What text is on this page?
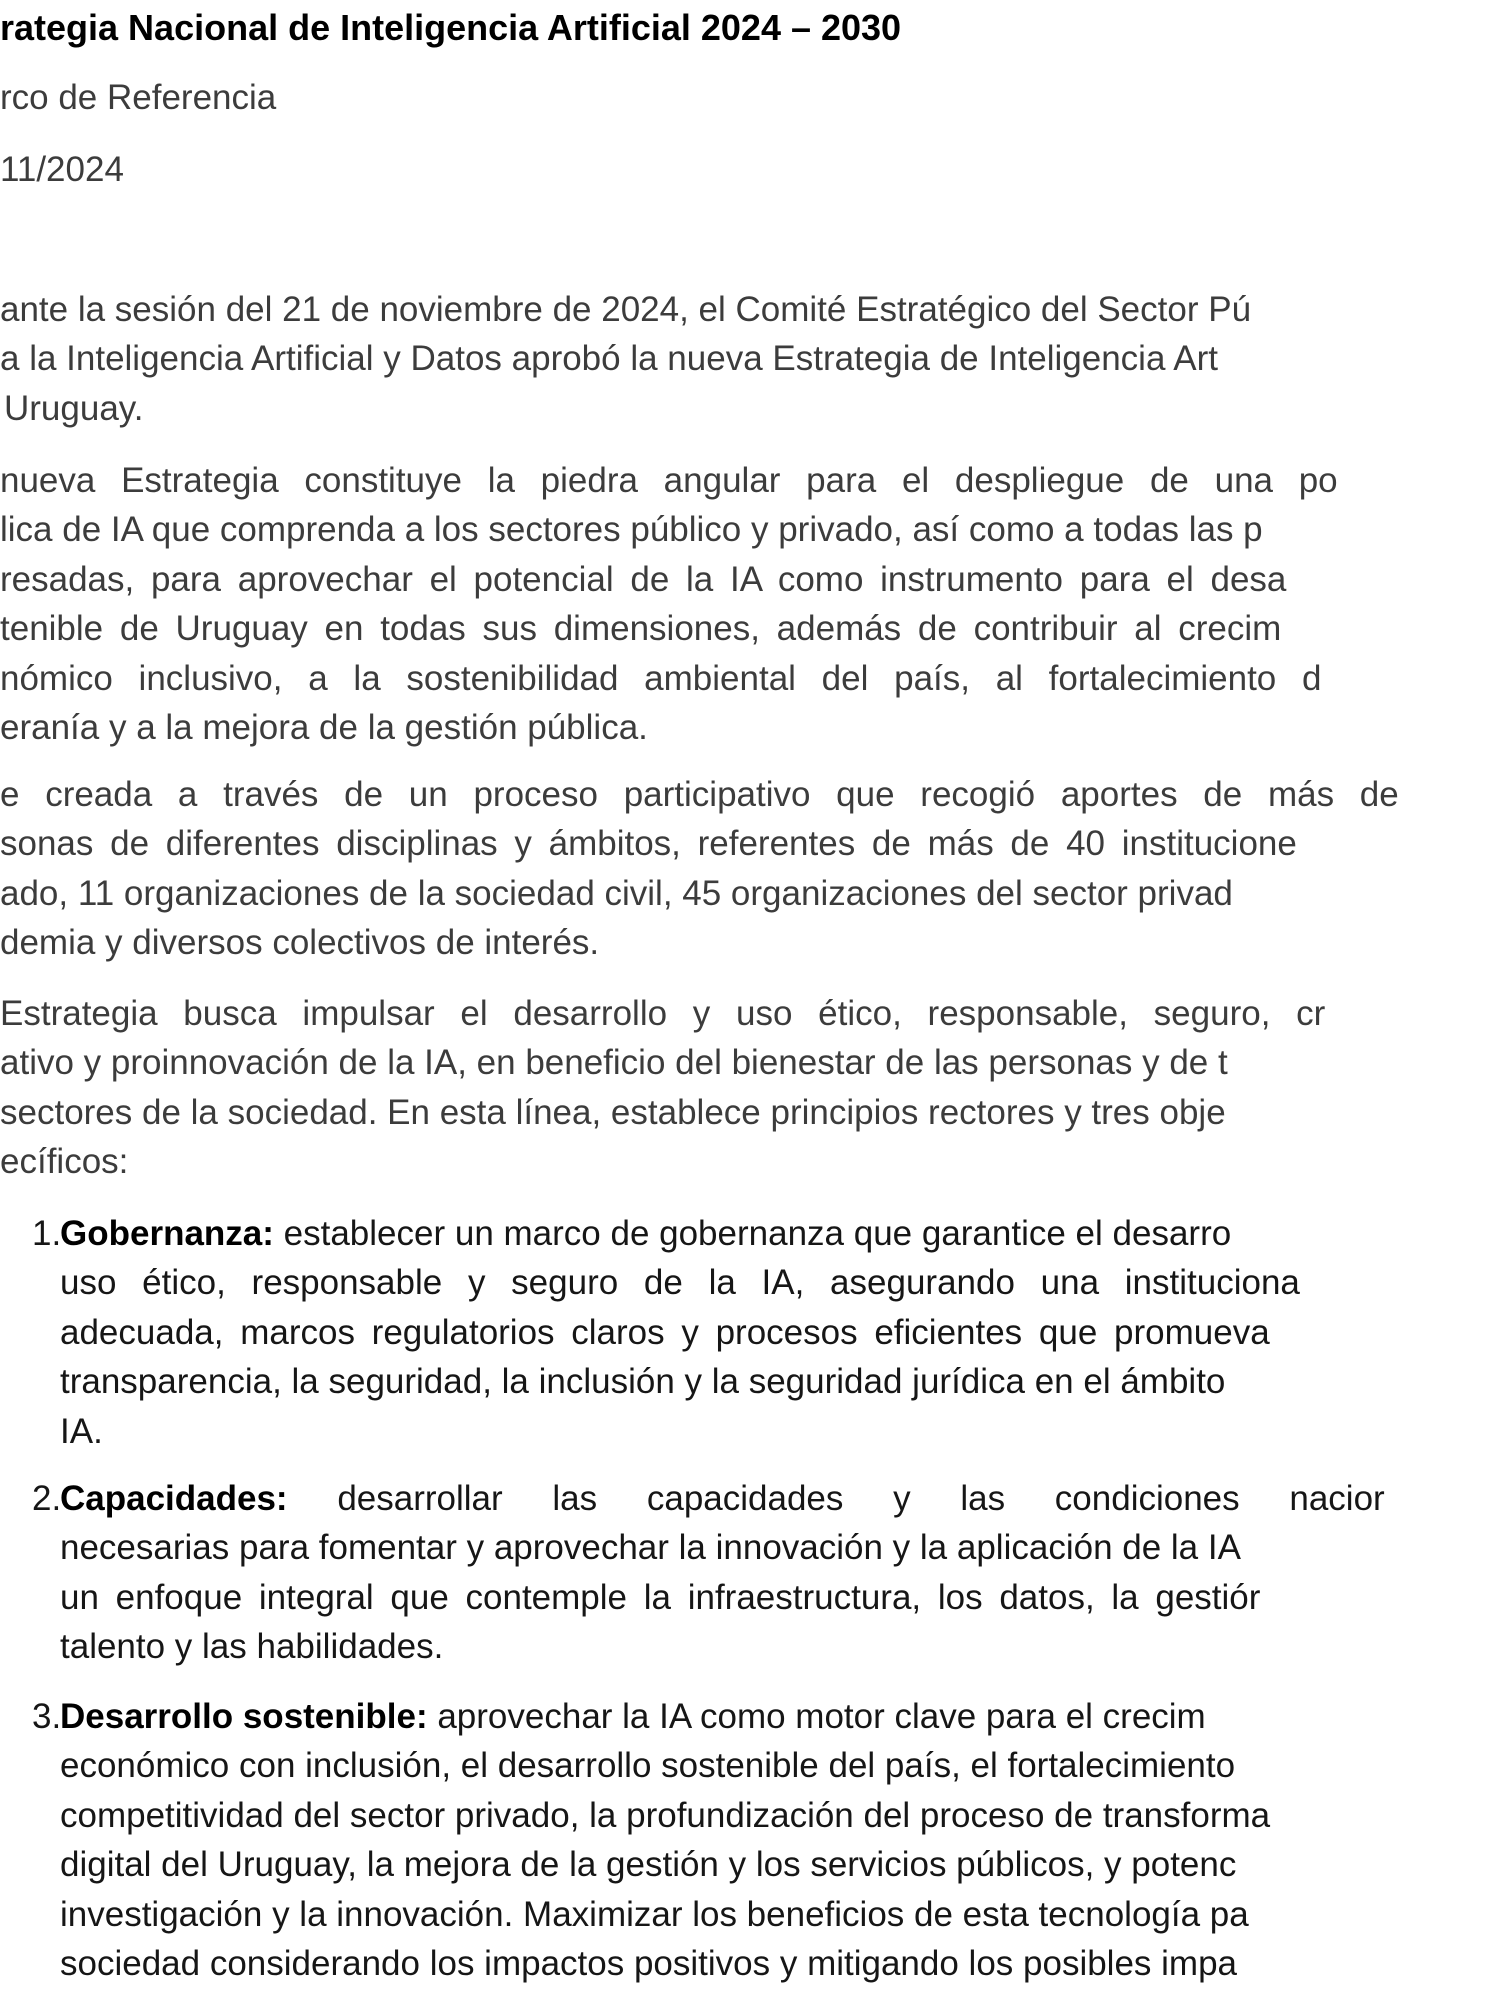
rategia Nacional de Inteligencia Artificial 2024 – 2030
rco de Referencia
11/2024
ante la sesión del 21 de noviembre de 2024, el Comité Estratégico del Sector Pú
a la Inteligencia Artificial y Datos aprobó la nueva Estrategia de Inteligencia Art
Uruguay.
nueva Estrategia constituye la piedra angular para el despliegue de una po
lica de IA que comprenda a los sectores público y privado, así como a todas las p
resadas, para aprovechar el potencial de la IA como instrumento para el desa
tenible de Uruguay en todas sus dimensiones, además de contribuir al crecim
nómico inclusivo, a la sostenibilidad ambiental del país, al fortalecimiento d
eranía y a la mejora de la gestión pública.
e creada a través de un proceso participativo que recogió aportes de más de
sonas de diferentes disciplinas y ámbitos, referentes de más de 40 institucione
ado, 11 organizaciones de la sociedad civil, 45 organizaciones del sector privad
demia y diversos colectivos de interés.
Estrategia busca impulsar el desarrollo y uso ético, responsable, seguro, cr
ativo y proinnovación de la IA, en beneficio del bienestar de las personas y de t
sectores de la sociedad. En esta línea, establece principios rectores y tres obje
ecíficos:
1.
Gobernanza: establecer un marco de gobernanza que garantice el desarro
uso ético, responsable y seguro de la IA, asegurando una instituciona
adecuada, marcos regulatorios claros y procesos eficientes que promueva
transparencia, la seguridad, la inclusión y la seguridad jurídica en el ámbito
IA.
2.
Capacidades: desarrollar las capacidades y las condiciones nacior
necesarias para fomentar y aprovechar la innovación y la aplicación de la IA
un enfoque integral que contemple la infraestructura, los datos, la gestiór
talento y las habilidades.
3.
Desarrollo sostenible: aprovechar la IA como motor clave para el crecim
económico con inclusión, el desarrollo sostenible del país, el fortalecimiento
competitividad del sector privado, la profundización del proceso de transforma
digital del Uruguay, la mejora de la gestión y los servicios públicos, y potenc
investigación y la innovación. Maximizar los beneficios de esta tecnología pa
sociedad considerando los impactos positivos y mitigando los posibles impa
